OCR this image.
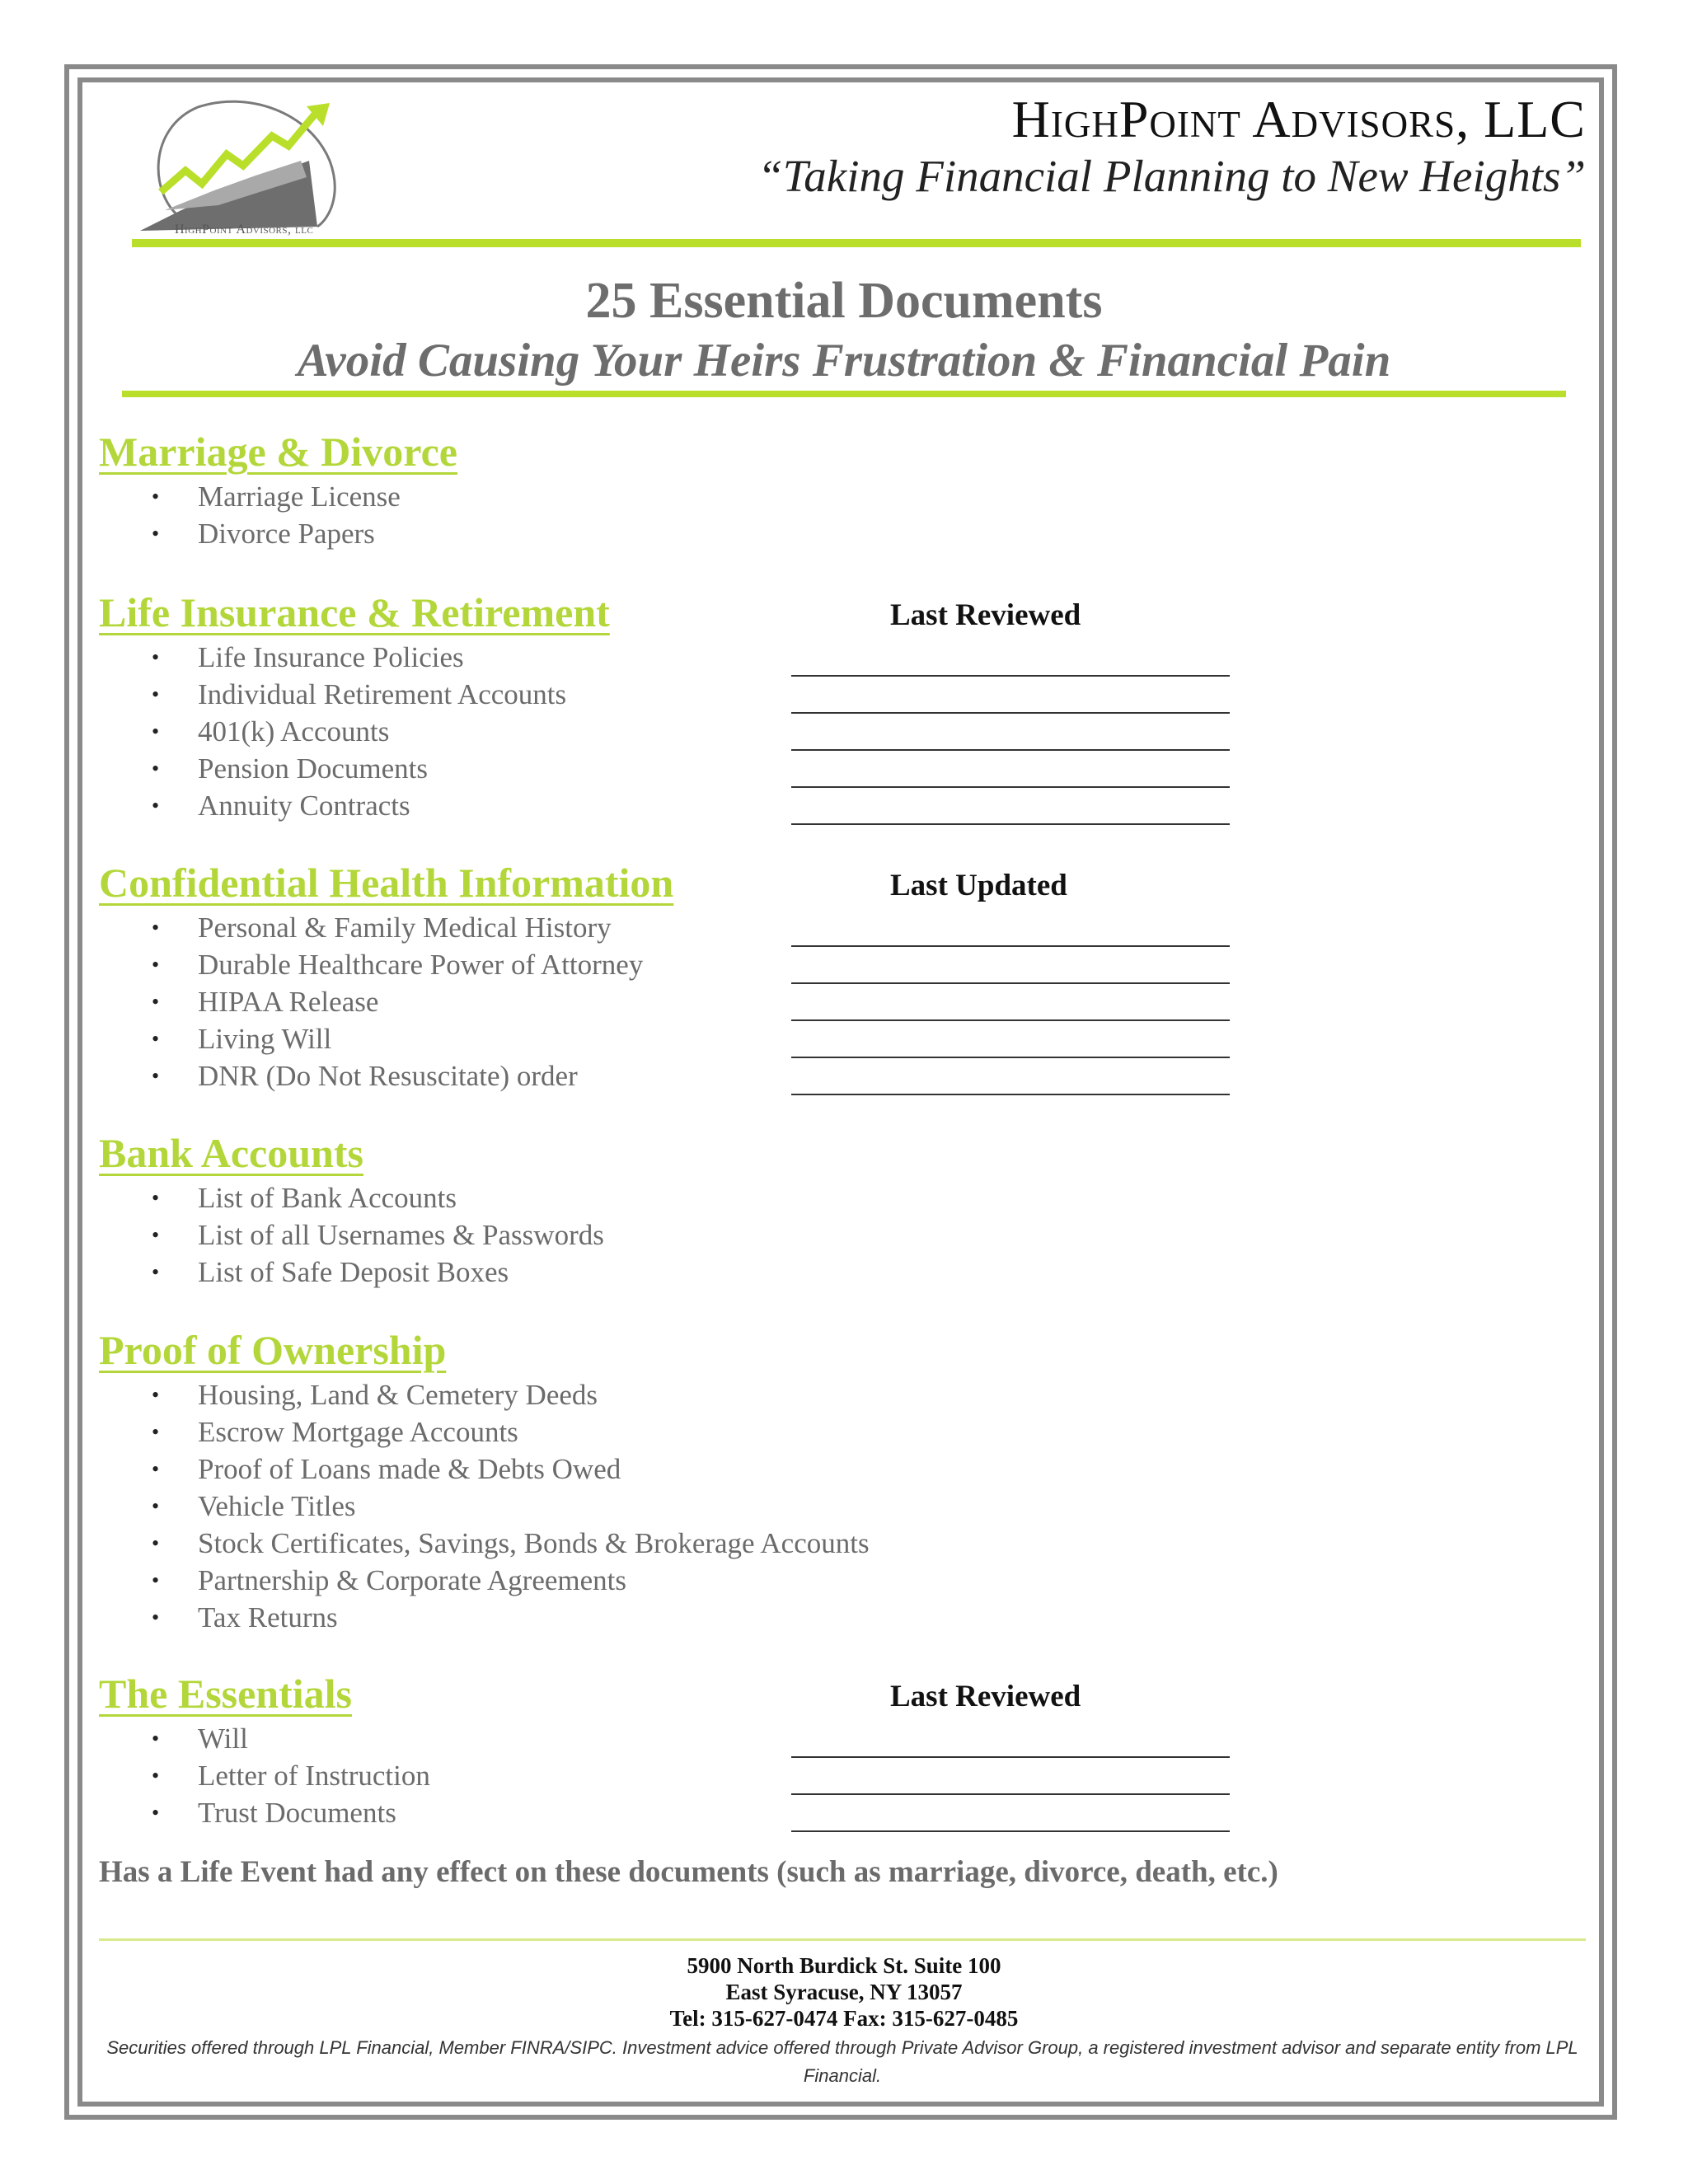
HighPoint Advisors, llc
HighPoint Advisors, LLC
“Taking Financial Planning to New Heights”
25 Essential Documents
Avoid Causing Your Heirs Frustration & Financial Pain
Marriage & Divorce
• Marriage License
• Divorce Papers
Life Insurance & Retirement	Last Reviewed
• Life Insurance Policies
• Individual Retirement Accounts
• 401(k) Accounts
• Pension Documents
• Annuity Contracts
Confidential Health Information	Last Updated
• Personal & Family Medical History
• Durable Healthcare Power of Attorney
• HIPAA Release
• Living Will
• DNR (Do Not Resuscitate) order
Bank Accounts
• List of Bank Accounts
• List of all Usernames & Passwords
• List of Safe Deposit Boxes
Proof of Ownership
• Housing, Land & Cemetery Deeds
• Escrow Mortgage Accounts
• Proof of Loans made & Debts Owed
• Vehicle Titles
• Stock Certificates, Savings, Bonds & Brokerage Accounts
• Partnership & Corporate Agreements
• Tax Returns
The Essentials	Last Reviewed
• Will
• Letter of Instruction
• Trust Documents
Has a Life Event had any effect on these documents (such as marriage, divorce, death, etc.)
5900 North Burdick St. Suite 100
East Syracuse, NY 13057
Tel: 315-627-0474 Fax: 315-627-0485
Securities offered through LPL Financial, Member FINRA/SIPC. Investment advice offered through Private Advisor Group, a registered investment advisor and separate entity from LPL Financial.
